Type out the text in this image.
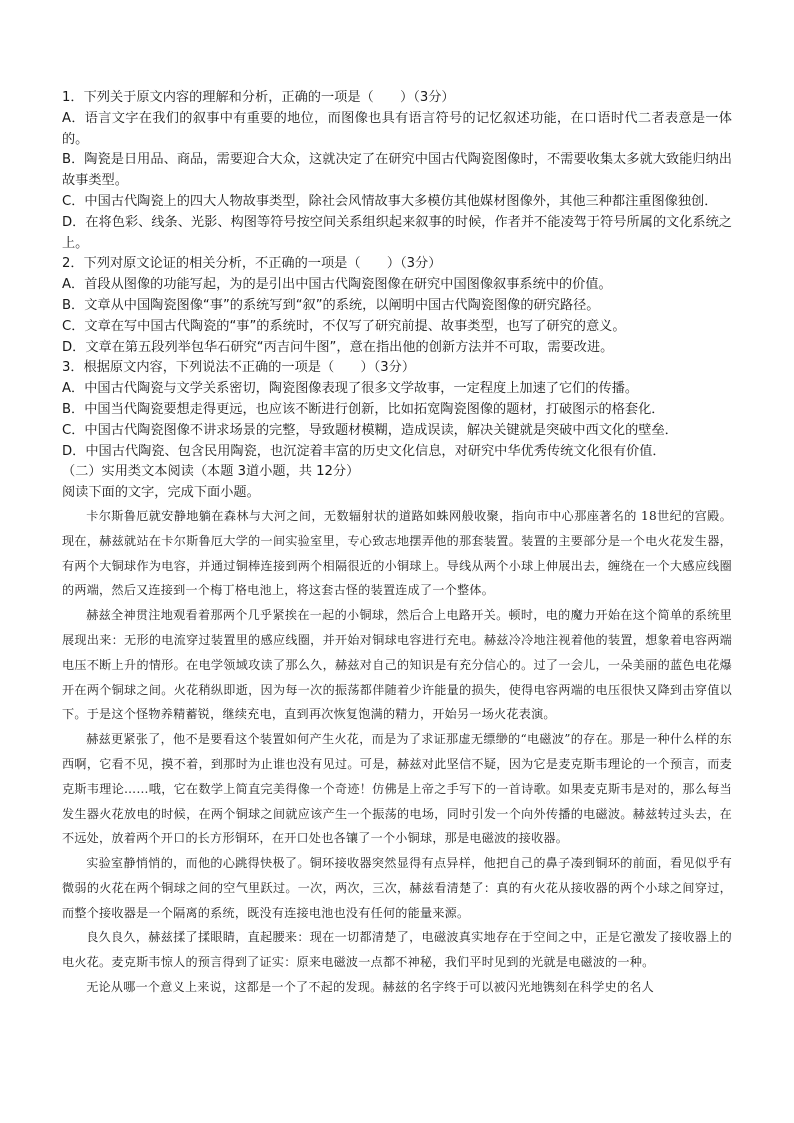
1．下列关于原文内容的理解和分析，正确的一项是（　　）（3分）

A．语言文字在我们的叙事中有重要的地位，而图像也具有语言符号的记忆叙述功能，在口语时代二者表意是一体的。

B．陶瓷是日用品、商品，需要迎合大众，这就决定了在研究中国古代陶瓷图像时，不需要收集太多就大致能归纳出故事类型。

C．中国古代陶瓷上的四大人物故事类型，除社会风情故事大多模仿其他媒材图像外，其他三种都注重图像独创．

D．在将色彩、线条、光影、构图等符号按空间关系组织起来叙事的时候，作者并不能凌驾于符号所属的文化系统之上。

2．下列对原文论证的相关分析，不正确的一项是（　　）（3分）

A．首段从图像的功能写起，为的是引出中国古代陶瓷图像在研究中国图像叙事系统中的价值。

B．文章从中国陶瓷图像“事”的系统写到“叙”的系统，以阐明中国古代陶瓷图像的研究路径。

C．文章在写中国古代陶瓷的“事”的系统时，不仅写了研究前提、故事类型，也写了研究的意义。

D．文章在第五段列举包华石研究“丙吉问牛图”，意在指出他的创新方法并不可取，需要改进。

3．根据原文内容，下列说法不正确的一项是（　　）（3分）

A．中国古代陶瓷与文学关系密切，陶瓷图像表现了很多文学故事，一定程度上加速了它们的传播。

B．中国当代陶瓷要想走得更远，也应该不断进行创新，比如拓宽陶瓷图像的题材，打破图示的格套化．

C．中国古代陶瓷图像不讲求场景的完整，导致题材模糊，造成误读，解决关键就是突破中西文化的壁垒．

D．中国古代陶瓷、包含民用陶瓷，也沉淀着丰富的历史文化信息，对研究中华优秀传统文化很有价值．

（二）实用类文本阅读（本题 3道小题，共 12分）

阅读下面的文字，完成下面小题。

卡尔斯鲁厄就安静地躺在森林与大河之间，无数辐射状的道路如蛛网般收聚，指向市中心那座著名的 18世纪的宫殿。现在，赫兹就站在卡尔斯鲁厄大学的一间实验室里，专心致志地摆弄他的那套装置。装置的主要部分是一个电火花发生器，有两个大铜球作为电容，并通过铜棒连接到两个相隔很近的小铜球上。导线从两个小球上伸展出去，缠绕在一个大感应线圈的两端，然后又连接到一个梅丁格电池上，将这套古怪的装置连成了一个整体。

赫兹全神贯注地观看着那两个几乎紧挨在一起的小铜球，然后合上电路开关。顿时，电的魔力开始在这个简单的系统里展现出来：无形的电流穿过装置里的感应线圈，并开始对铜球电容进行充电。赫兹冷冷地注视着他的装置，想象着电容两端电压不断上升的情形。在电学领域攻读了那么久，赫兹对自己的知识是有充分信心的。过了一会儿，一朵美丽的蓝色电花爆开在两个铜球之间。火花稍纵即逝，因为每一次的振荡都伴随着少许能量的损失，使得电容两端的电压很快又降到击穿值以下。于是这个怪物养精蓄锐，继续充电，直到再次恢复饱满的精力，开始另一场火花表演。

赫兹更紧张了，他不是要看这个装置如何产生火花，而是为了求证那虚无缥缈的“电磁波”的存在。那是一种什么样的东西啊，它看不见，摸不着，到那时为止谁也没有见过。可是，赫兹对此坚信不疑，因为它是麦克斯韦理论的一个预言，而麦克斯韦理论……哦，它在数学上简直完美得像一个奇迹！仿佛是上帝之手写下的一首诗歌。如果麦克斯韦是对的，那么每当发生器火花放电的时候，在两个铜球之间就应该产生一个振荡的电场，同时引发一个向外传播的电磁波。赫兹转过头去，在不远处，放着两个开口的长方形铜环，在开口处也各镶了一个小铜球，那是电磁波的接收器。

实验室静悄悄的，而他的心跳得快极了。铜环接收器突然显得有点异样，他把自己的鼻子凑到铜环的前面，看见似乎有微弱的火花在两个铜球之间的空气里跃过。一次，两次，三次，赫兹看清楚了：真的有火花从接收器的两个小球之间穿过，而整个接收器是一个隔离的系统，既没有连接电池也没有任何的能量来源。

良久良久，赫兹揉了揉眼睛，直起腰来：现在一切都清楚了，电磁波真实地存在于空间之中，正是它激发了接收器上的电火花。麦克斯韦惊人的预言得到了证实：原来电磁波一点都不神秘，我们平时见到的光就是电磁波的一种。

无论从哪一个意义上来说，这都是一个了不起的发现。赫兹的名字终于可以被闪光地镌刻在科学史的名人
